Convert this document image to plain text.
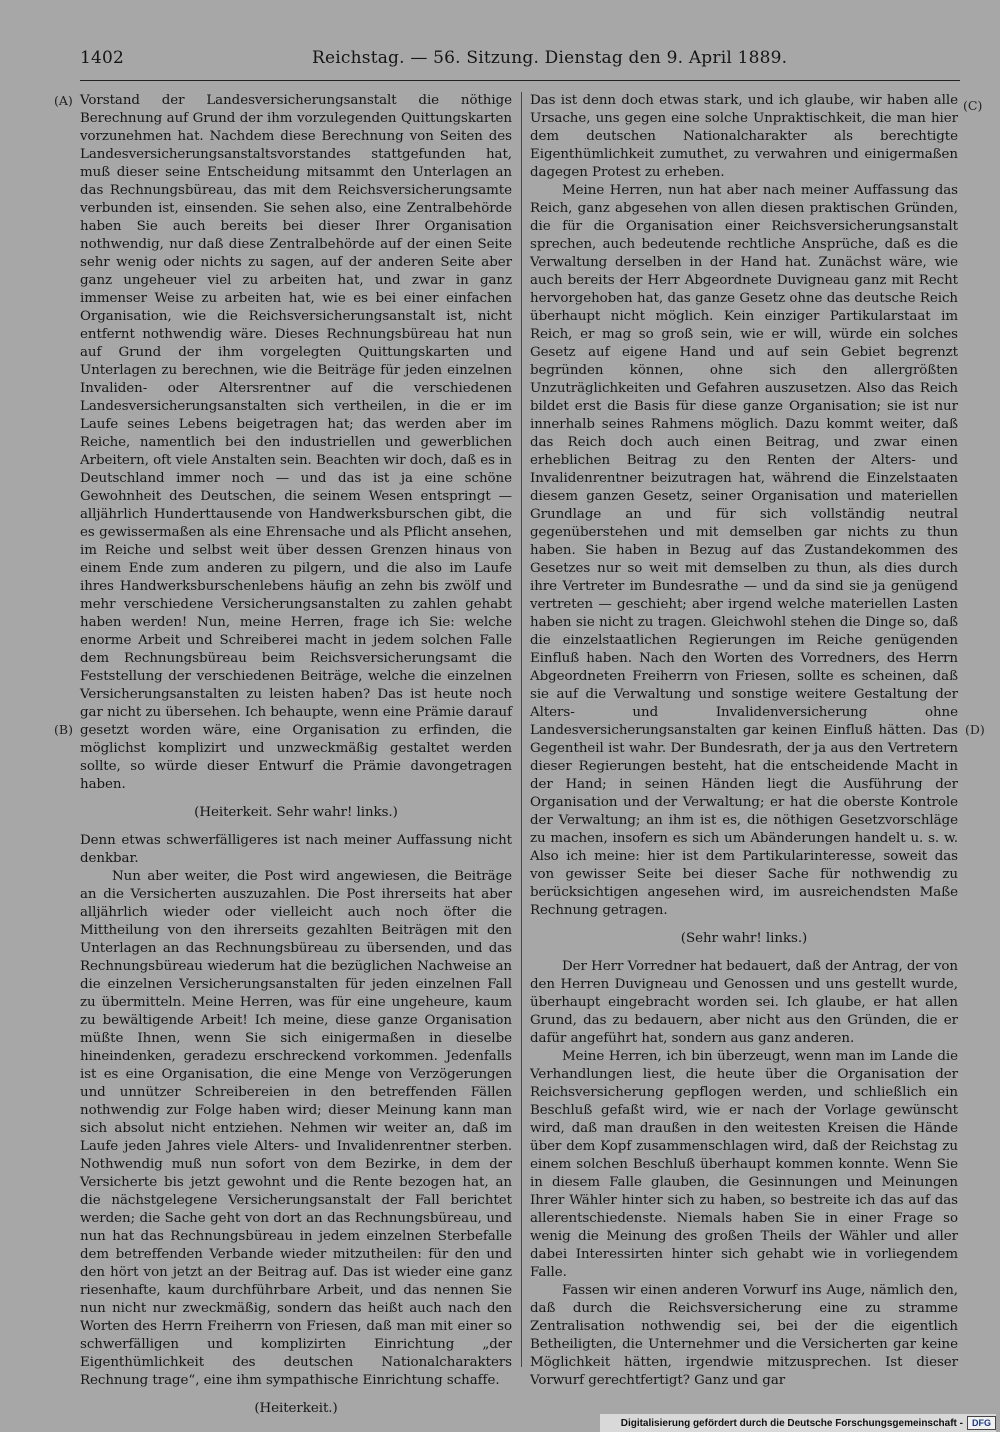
1402	Reichstag. — 56. Sitzung. Dienstag den 9. April 1889.
(A)
(B)
(C)
(D)

Vorstand der Landesversicherungsanstalt die nöthige Berechnung auf Grund der ihm vorzulegenden Quittungskarten vorzunehmen hat. Nachdem diese Berechnung von Seiten des Landesversicherungsanstaltsvorstandes stattgefunden hat, muß dieser seine Entscheidung mitsammt den Unterlagen an das Rechnungsbüreau, das mit dem Reichsversicherungsamte verbunden ist, einsenden. Sie sehen also, eine Zentralbehörde haben Sie auch bereits bei dieser Ihrer Organisation nothwendig, nur daß diese Zentralbehörde auf der einen Seite sehr wenig oder nichts zu sagen, auf der anderen Seite aber ganz ungeheuer viel zu arbeiten hat, und zwar in ganz immenser Weise zu arbeiten hat, wie es bei einer einfachen Organisation, wie die Reichsversicherungsanstalt ist, nicht entfernt nothwendig wäre. Dieses Rechnungsbüreau hat nun auf Grund der ihm vorgelegten Quittungskarten und Unterlagen zu berechnen, wie die Beiträge für jeden einzelnen Invaliden- oder Altersrentner auf die verschiedenen Landesversicherungsanstalten sich vertheilen, in die er im Laufe seines Lebens beigetragen hat; das werden aber im Reiche, namentlich bei den industriellen und gewerblichen Arbeitern, oft viele Anstalten sein. Beachten wir doch, daß es in Deutschland immer noch — und das ist ja eine schöne Gewohnheit des Deutschen, die seinem Wesen entspringt — alljährlich Hunderttausende von Handwerksburschen gibt, die es gewissermaßen als eine Ehrensache und als Pflicht ansehen, im Reiche und selbst weit über dessen Grenzen hinaus von einem Ende zum anderen zu pilgern, und die also im Laufe ihres Handwerksburschenlebens häufig an zehn bis zwölf und mehr verschiedene Versicherungsanstalten zu zahlen gehabt haben werden! Nun, meine Herren, frage ich Sie: welche enorme Arbeit und Schreiberei macht in jedem solchen Falle dem Rechnungsbüreau beim Reichsversicherungsamt die Feststellung der verschiedenen Beiträge, welche die einzelnen Versicherungsanstalten zu leisten haben? Das ist heute noch gar nicht zu übersehen. Ich behaupte, wenn eine Prämie darauf gesetzt worden wäre, eine Organisation zu erfinden, die möglichst komplizirt und unzweckmäßig gestaltet werden sollte, so würde dieser Entwurf die Prämie davongetragen haben.

(Heiterkeit. Sehr wahr! links.)

Denn etwas schwerfälligeres ist nach meiner Auffassung nicht denkbar.

Nun aber weiter, die Post wird angewiesen, die Beiträge an die Versicherten auszuzahlen. Die Post ihrerseits hat aber alljährlich wieder oder vielleicht auch noch öfter die Mittheilung von den ihrerseits gezahlten Beiträgen mit den Unterlagen an das Rechnungsbüreau zu übersenden, und das Rechnungsbüreau wiederum hat die bezüglichen Nachweise an die einzelnen Versicherungsanstalten für jeden einzelnen Fall zu übermitteln. Meine Herren, was für eine ungeheure, kaum zu bewältigende Arbeit! Ich meine, diese ganze Organisation müßte Ihnen, wenn Sie sich einigermaßen in dieselbe hineindenken, geradezu erschreckend vorkommen. Jedenfalls ist es eine Organisation, die eine Menge von Verzögerungen und unnützer Schreibereien in den betreffenden Fällen nothwendig zur Folge haben wird; dieser Meinung kann man sich absolut nicht entziehen. Nehmen wir weiter an, daß im Laufe jeden Jahres viele Alters- und Invalidenrentner sterben. Nothwendig muß nun sofort von dem Bezirke, in dem der Versicherte bis jetzt gewohnt und die Rente bezogen hat, an die nächstgelegene Versicherungsanstalt der Fall berichtet werden; die Sache geht von dort an das Rechnungsbüreau, und nun hat das Rechnungsbüreau in jedem einzelnen Sterbefalle dem betreffenden Verbande wieder mitzutheilen: für den und den hört von jetzt an der Beitrag auf. Das ist wieder eine ganz riesenhafte, kaum durchführbare Arbeit, und das nennen Sie nun nicht nur zweckmäßig, sondern das heißt auch nach den Worten des Herrn Freiherrn von Friesen, daß man mit einer so schwerfälligen und komplizirten Einrichtung „der Eigenthümlichkeit des deutschen Nationalcharakters Rechnung trage“, eine ihm sympathische Einrichtung schaffe.

(Heiterkeit.)

Das ist denn doch etwas stark, und ich glaube, wir haben alle Ursache, uns gegen eine solche Unpraktischkeit, die man hier dem deutschen Nationalcharakter als berechtigte Eigenthümlichkeit zumuthet, zu verwahren und einigermaßen dagegen Protest zu erheben.

Meine Herren, nun hat aber nach meiner Auffassung das Reich, ganz abgesehen von allen diesen praktischen Gründen, die für die Organisation einer Reichsversicherungsanstalt sprechen, auch bedeutende rechtliche Ansprüche, daß es die Verwaltung derselben in der Hand hat. Zunächst wäre, wie auch bereits der Herr Abgeordnete Duvigneau ganz mit Recht hervorgehoben hat, das ganze Gesetz ohne das deutsche Reich überhaupt nicht möglich. Kein einziger Partikularstaat im Reich, er mag so groß sein, wie er will, würde ein solches Gesetz auf eigene Hand und auf sein Gebiet begrenzt begründen können, ohne sich den allergrößten Unzuträglichkeiten und Gefahren auszusetzen. Also das Reich bildet erst die Basis für diese ganze Organisation; sie ist nur innerhalb seines Rahmens möglich. Dazu kommt weiter, daß das Reich doch auch einen Beitrag, und zwar einen erheblichen Beitrag zu den Renten der Alters- und Invalidenrentner beizutragen hat, während die Einzelstaaten diesem ganzen Gesetz, seiner Organisation und materiellen Grundlage an und für sich vollständig neutral gegenüberstehen und mit demselben gar nichts zu thun haben. Sie haben in Bezug auf das Zustandekommen des Gesetzes nur so weit mit demselben zu thun, als dies durch ihre Vertreter im Bundesrathe — und da sind sie ja genügend vertreten — geschieht; aber irgend welche materiellen Lasten haben sie nicht zu tragen. Gleichwohl stehen die Dinge so, daß die einzelstaatlichen Regierungen im Reiche genügenden Einfluß haben. Nach den Worten des Vorredners, des Herrn Abgeordneten Freiherrn von Friesen, sollte es scheinen, daß sie auf die Verwaltung und sonstige weitere Gestaltung der Alters- und Invalidenversicherung ohne Landesversicherungsanstalten gar keinen Einfluß hätten. Das Gegentheil ist wahr. Der Bundesrath, der ja aus den Vertretern dieser Regierungen besteht, hat die entscheidende Macht in der Hand; in seinen Händen liegt die Ausführung der Organisation und der Verwaltung; er hat die oberste Kontrole der Verwaltung; an ihm ist es, die nöthigen Gesetzvorschläge zu machen, insofern es sich um Abänderungen handelt u. s. w. Also ich meine: hier ist dem Partikularinteresse, soweit das von gewisser Seite bei dieser Sache für nothwendig zu berücksichtigen angesehen wird, im ausreichendsten Maße Rechnung getragen.

(Sehr wahr! links.)

Der Herr Vorredner hat bedauert, daß der Antrag, der von den Herren Duvigneau und Genossen und uns gestellt wurde, überhaupt eingebracht worden sei. Ich glaube, er hat allen Grund, das zu bedauern, aber nicht aus den Gründen, die er dafür angeführt hat, sondern aus ganz anderen.

Meine Herren, ich bin überzeugt, wenn man im Lande die Verhandlungen liest, die heute über die Organisation der Reichsversicherung gepflogen werden, und schließlich ein Beschluß gefaßt wird, wie er nach der Vorlage gewünscht wird, daß man draußen in den weitesten Kreisen die Hände über dem Kopf zusammenschlagen wird, daß der Reichstag zu einem solchen Beschluß überhaupt kommen konnte. Wenn Sie in diesem Falle glauben, die Gesinnungen und Meinungen Ihrer Wähler hinter sich zu haben, so bestreite ich das auf das allerentschiedenste. Niemals haben Sie in einer Frage so wenig die Meinung des großen Theils der Wähler und aller dabei Interessirten hinter sich gehabt wie in vorliegendem Falle.

Fassen wir einen anderen Vorwurf ins Auge, nämlich den, daß durch die Reichsversicherung eine zu stramme Zentralisation nothwendig sei, bei der die eigentlich Betheiligten, die Unternehmer und die Versicherten gar keine Möglichkeit hätten, irgendwie mitzusprechen. Ist dieser Vorwurf gerechtfertigt? Ganz und gar

Digitalisierung gefördert durch die Deutsche Forschungsgemeinschaft -	DFG
